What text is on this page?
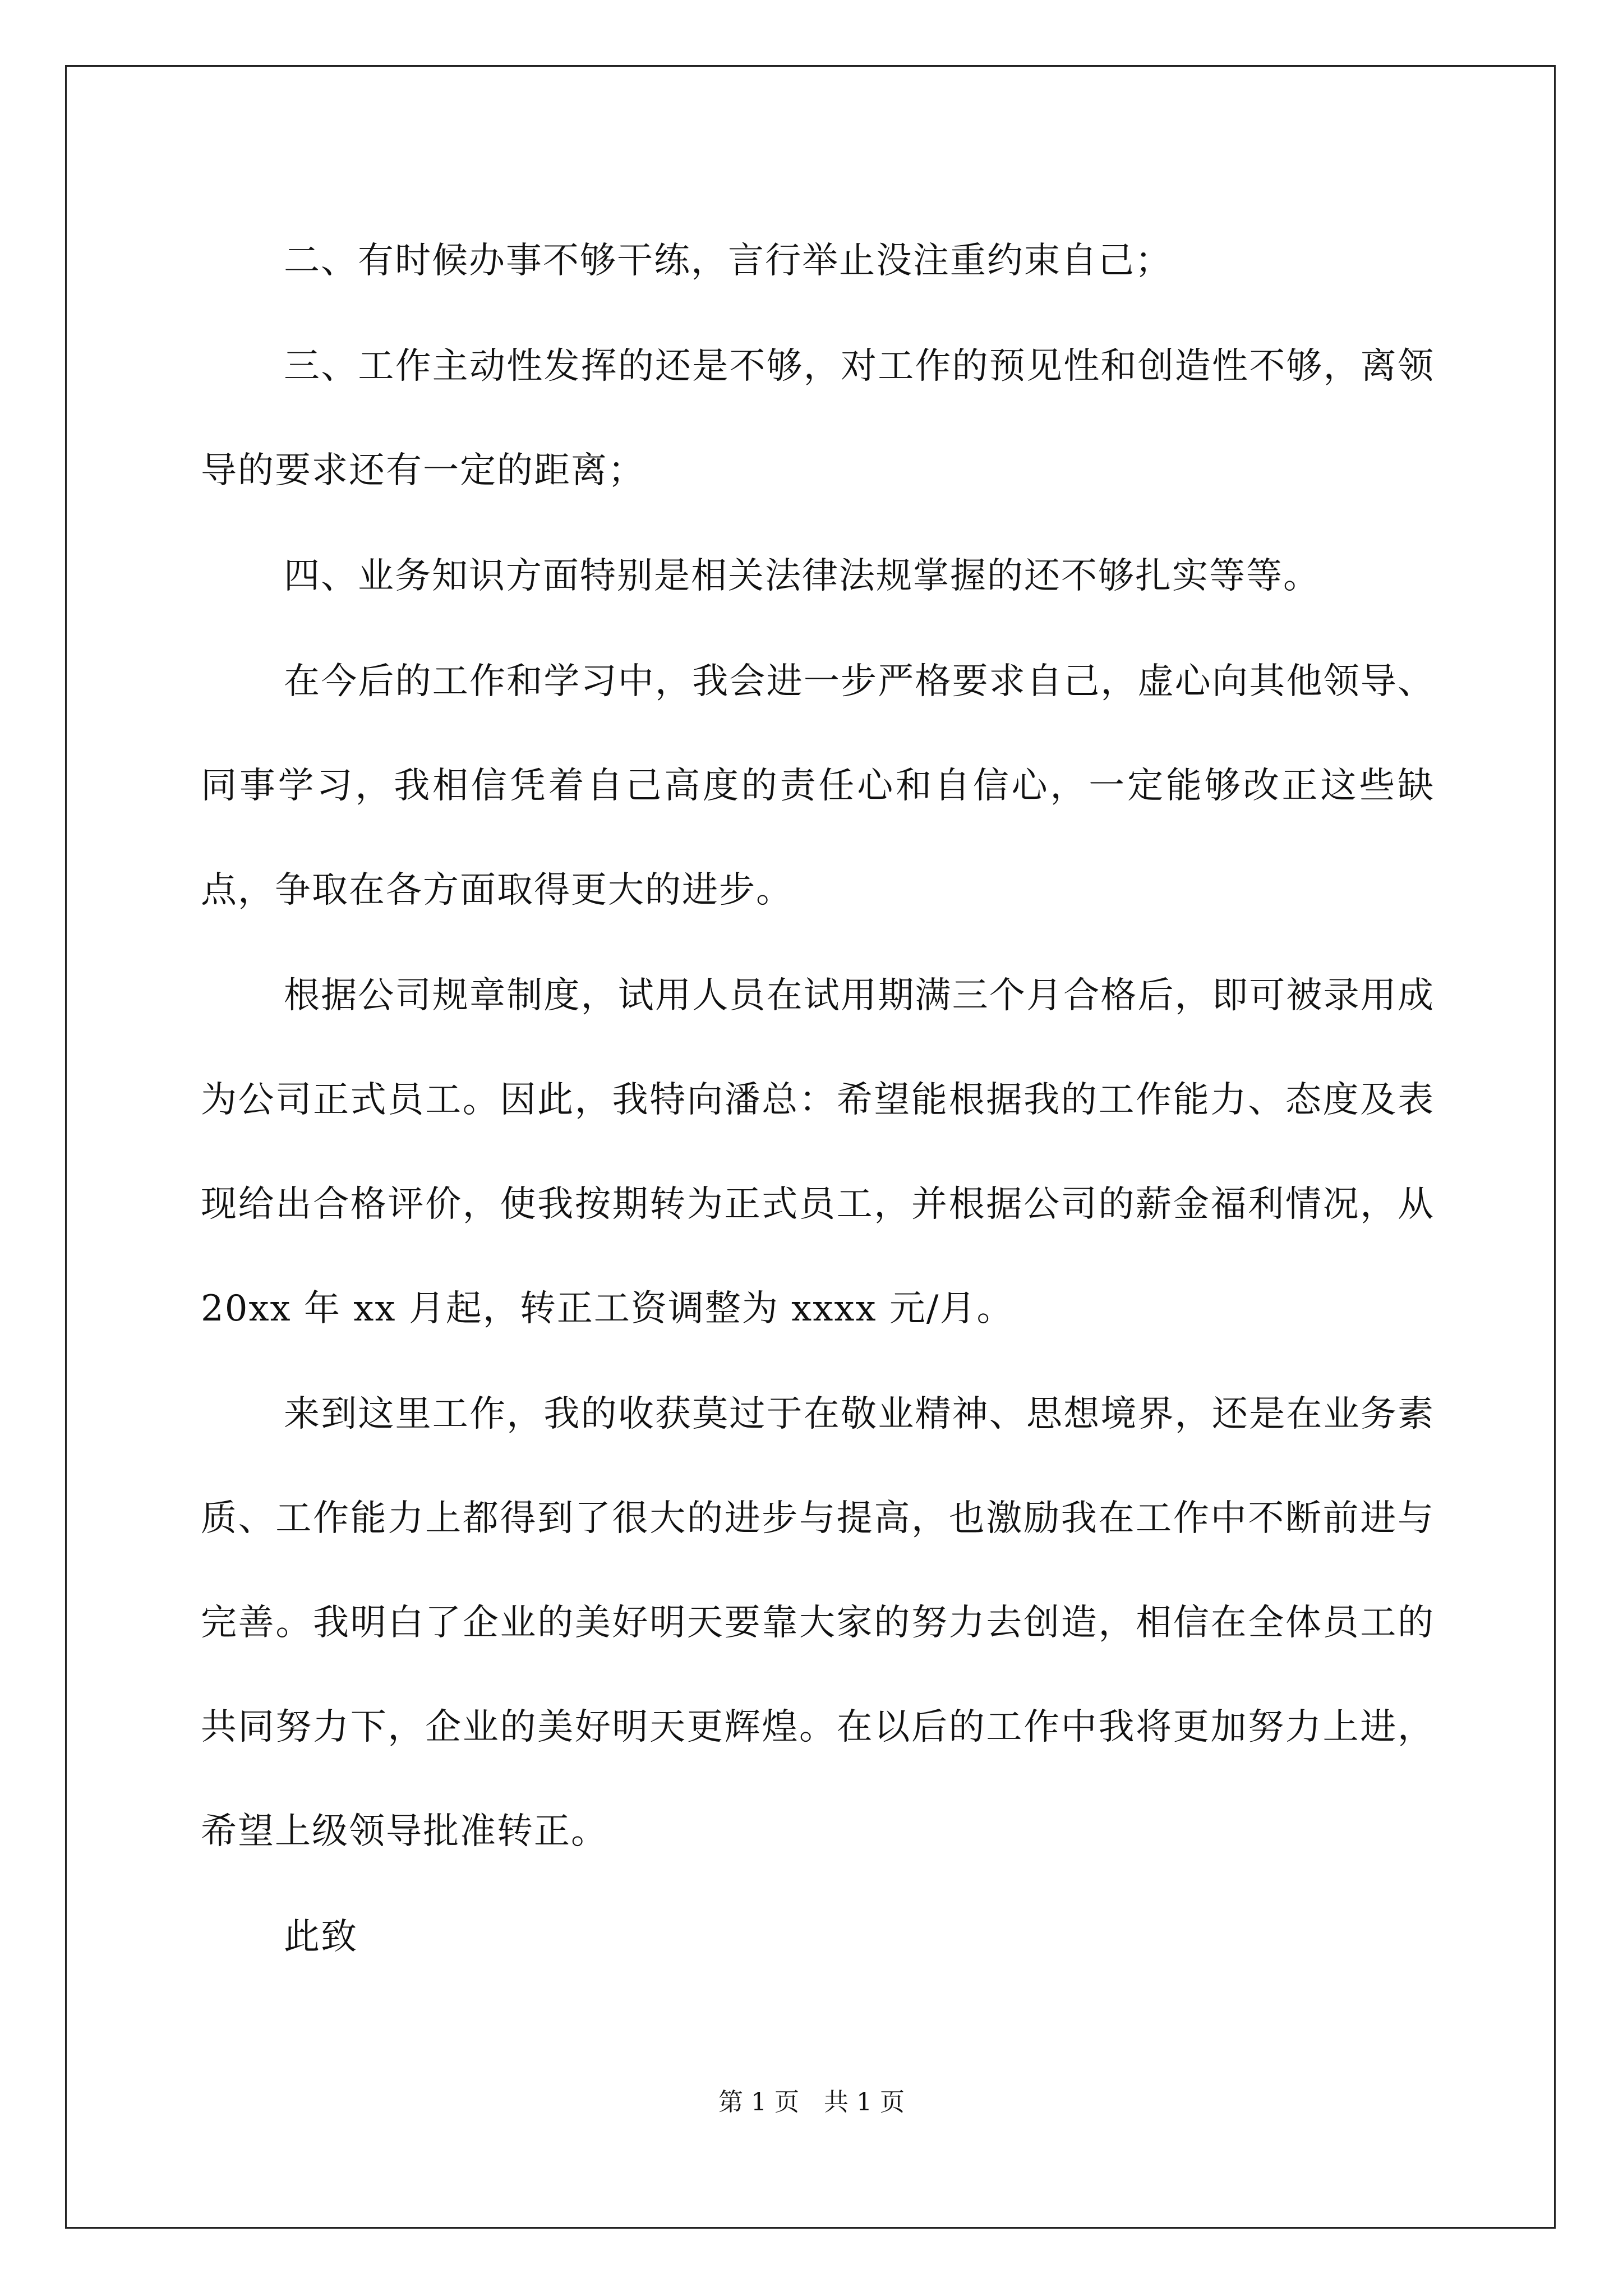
二、有时候办事不够干练，言行举止没注重约束自己；

三、工作主动性发挥的还是不够，对工作的预见性和创造性不够，离领导的要求还有一定的距离；

四、业务知识方面特别是相关法律法规掌握的还不够扎实等等。

在今后的工作和学习中，我会进一步严格要求自己，虚心向其他领导、同事学习，我相信凭着自己高度的责任心和自信心，一定能够改正这些缺点，争取在各方面取得更大的进步。

根据公司规章制度，试用人员在试用期满三个月合格后，即可被录用成为公司正式员工。因此，我特向潘总：希望能根据我的工作能力、态度及表现给出合格评价，使我按期转为正式员工，并根据公司的薪金福利情况，从 20xx 年 xx 月起，转正工资调整为 xxxx 元/月。

来到这里工作，我的收获莫过于在敬业精神、思想境界，还是在业务素质、工作能力上都得到了很大的进步与提高，也激励我在工作中不断前进与完善。我明白了企业的美好明天要靠大家的努力去创造，相信在全体员工的共同努力下，企业的美好明天更辉煌。在以后的工作中我将更加努力上进，希望上级领导批准转正。

此致

第 1 页　共 1 页
